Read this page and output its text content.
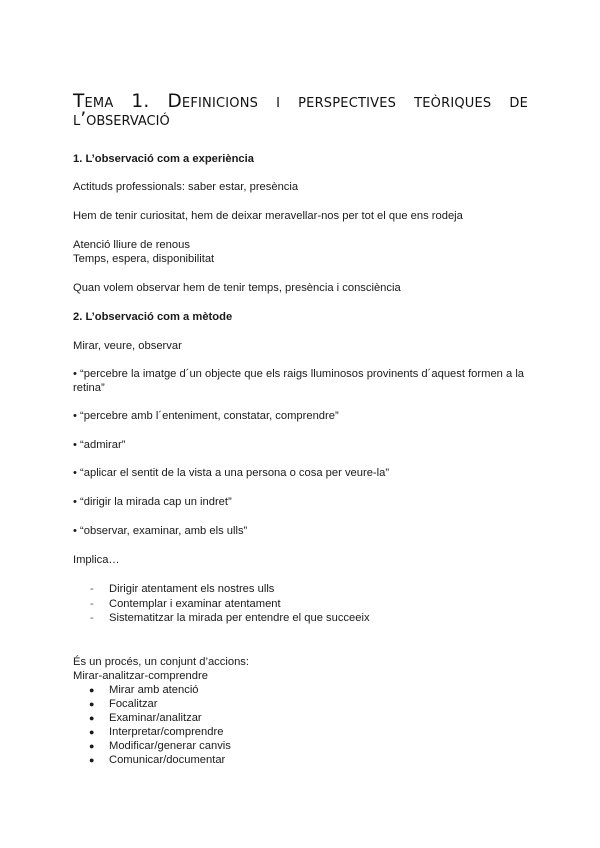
Tema 1. Definicions i perspectives teòriques de
l’observació
1. L’observació com a experiència
Actituds professionals: saber estar, presència
Hem de tenir curiositat, hem de deixar meravellar-nos per tot el que ens rodeja
Atenció lliure de renous
Temps, espera, disponibilitat
Quan volem observar hem de tenir temps, presència i consciència
2. L’observació com a mètode
Mirar, veure, observar
• “percebre la imatge d´un objecte que els raigs lluminosos provinents d´aquest formen a la retina”
• “percebre amb l´enteniment, constatar, comprendre”
• “admirar”
• “aplicar el sentit de la vista a una persona o cosa per veure-la”
• “dirigir la mirada cap un indret”
• “observar, examinar, amb els ulls”
Implica…
- Dirigir atentament els nostres ulls
- Contemplar i examinar atentament
- Sistematitzar la mirada per entendre el que succeeix
És un procés, un conjunt d’accions:
Mirar-analitzar-comprendre
● Mirar amb atenció
● Focalitzar
● Examinar/analitzar
● Interpretar/comprendre
● Modificar/generar canvis
● Comunicar/documentar
